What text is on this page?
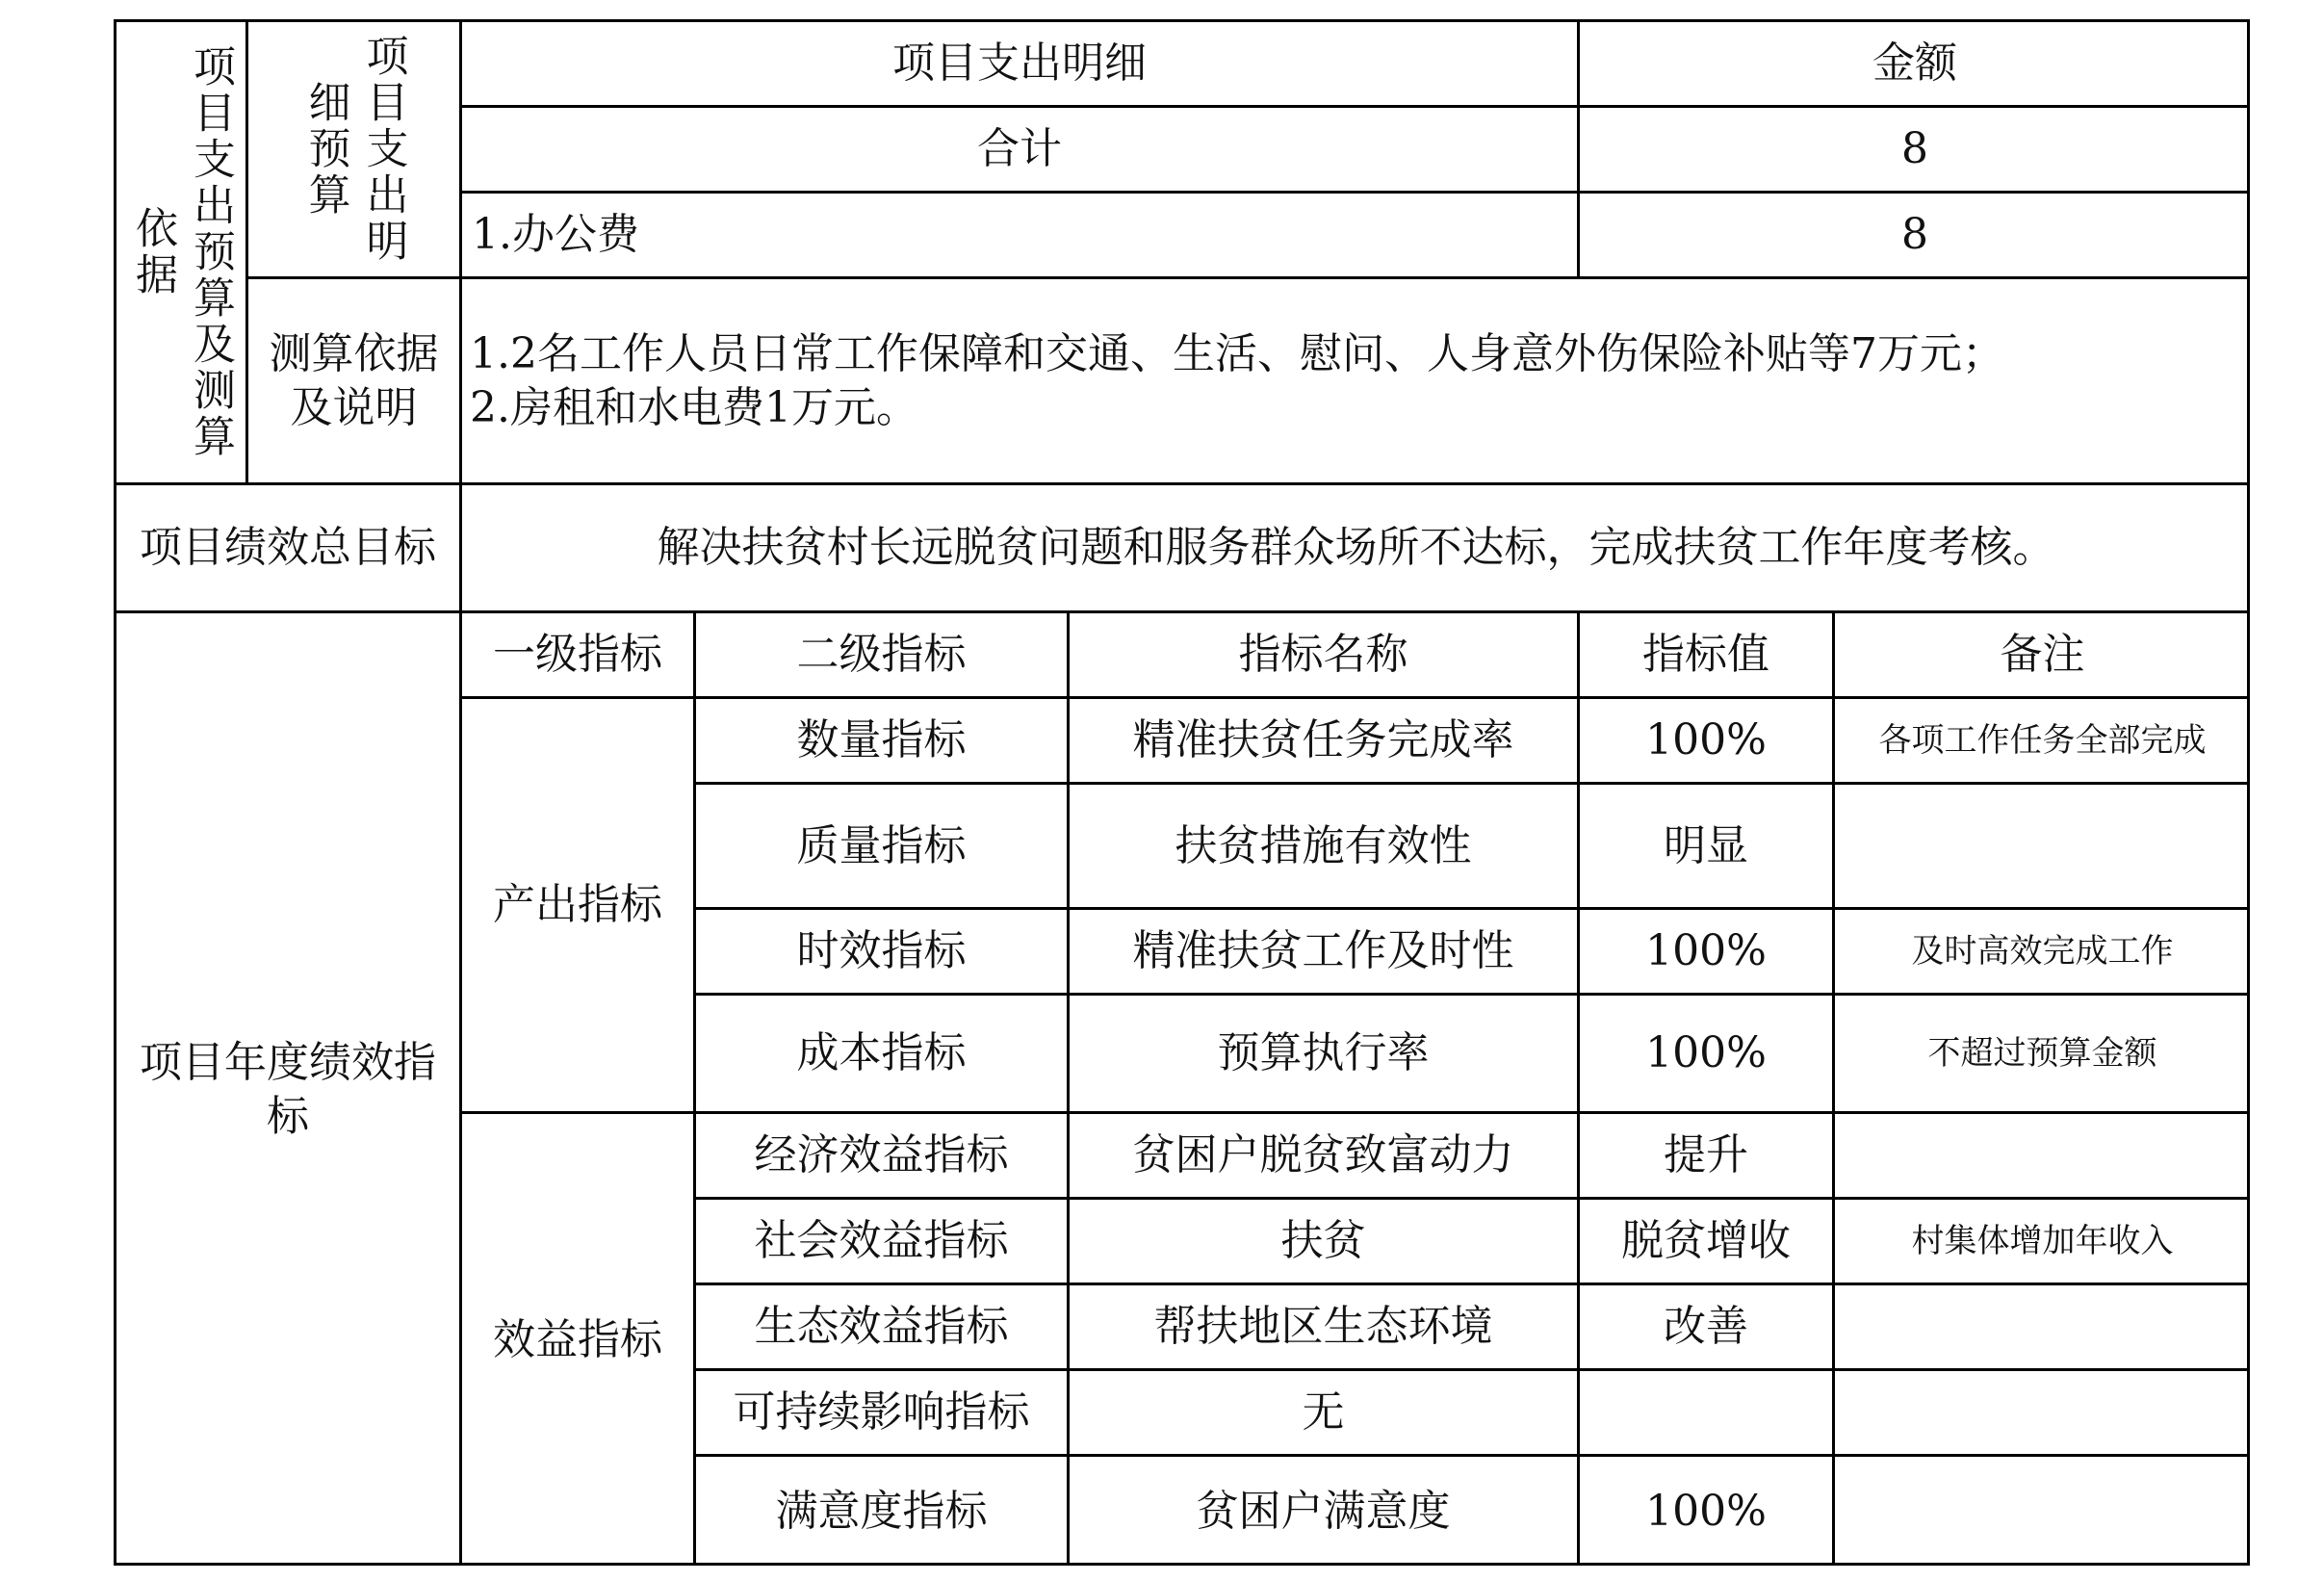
项目支出预算及测算依据	项目支出明细预算
项目支出明细	金额
合计	8
1.办公费	8
测算依据及说明
1.2名工作人员日常工作保障和交通、生活、慰问、人身意外伤保险补贴等7万元；
2.房租和水电费1万元。
项目绩效总目标	解决扶贫村长远脱贫问题和服务群众场所不达标，完成扶贫工作年度考核。
项目年度绩效指标
一级指标	二级指标	指标名称	指标值	备注
产出指标
数量指标	精准扶贫任务完成率	100%	各项工作任务全部完成
质量指标	扶贫措施有效性	明显
时效指标	精准扶贫工作及时性	100%	及时高效完成工作
成本指标	预算执行率	100%	不超过预算金额
效益指标
经济效益指标	贫困户脱贫致富动力	提升
社会效益指标	扶贫	脱贫增收	村集体增加年收入
生态效益指标	帮扶地区生态环境	改善
可持续影响指标	无
满意度指标	贫困户满意度	100%
